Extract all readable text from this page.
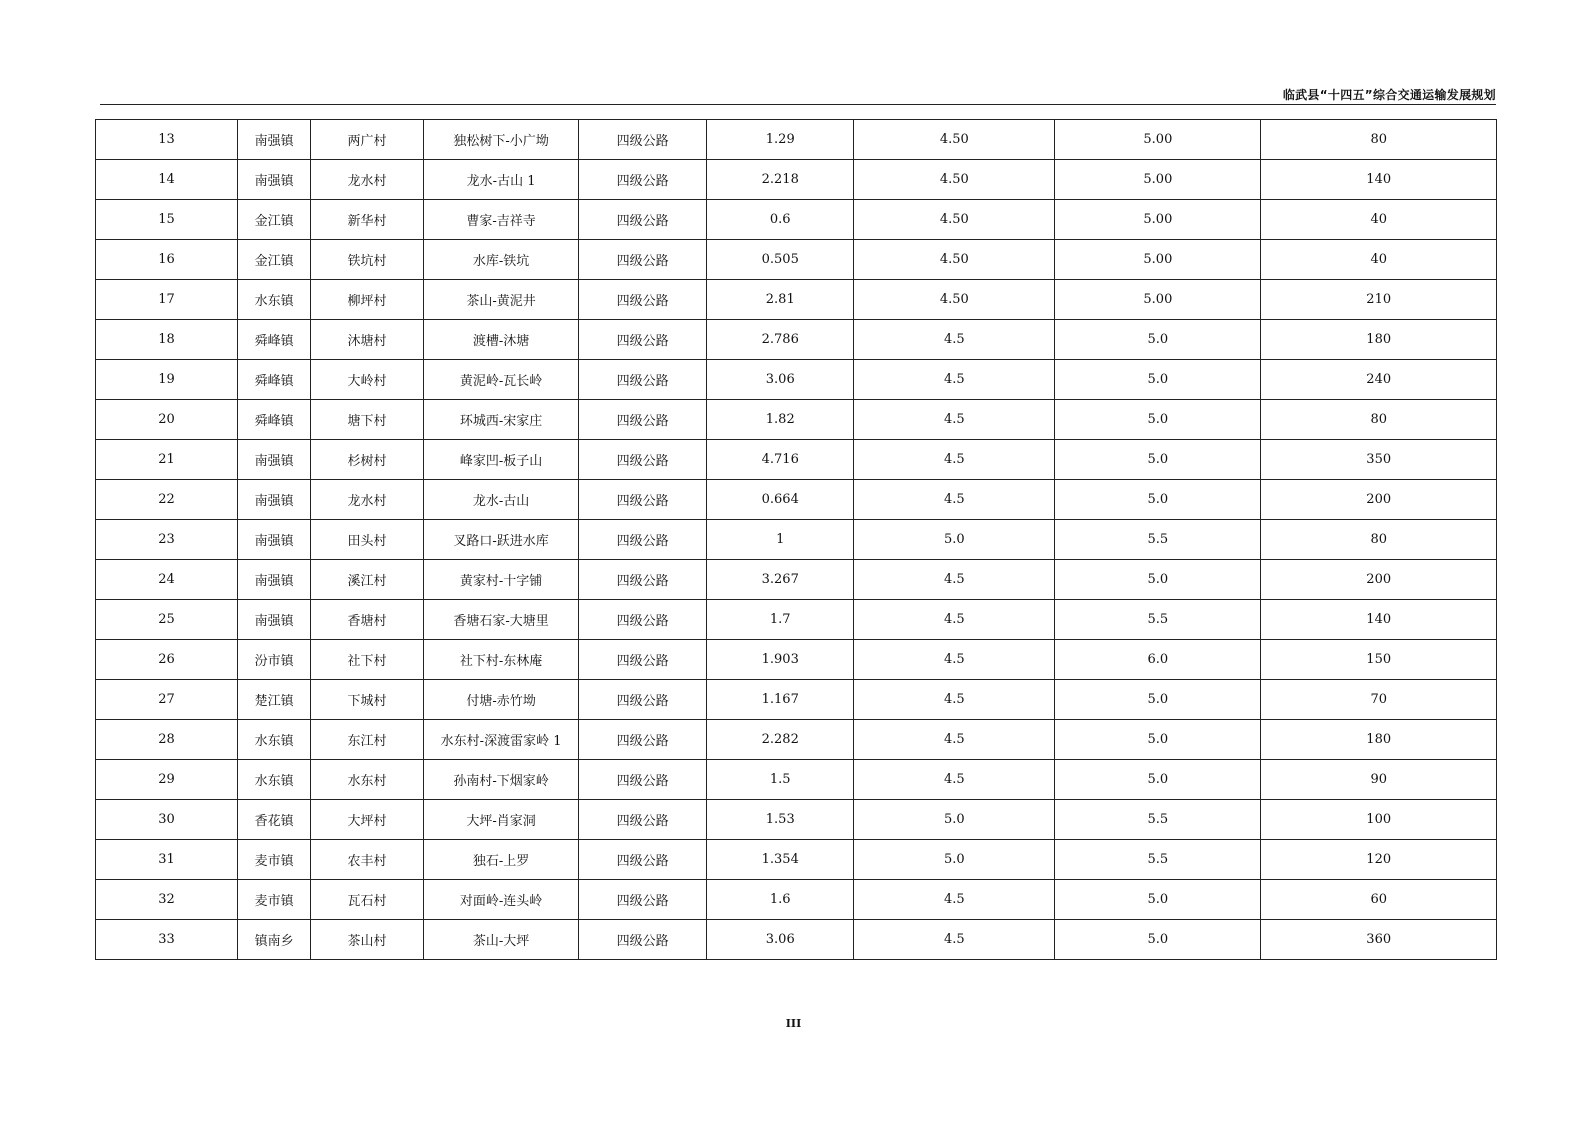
临武县“十四五”综合交通运输发展规划
13	南强镇	两广村	独松树下-小广坳	四级公路	1.29	4.50	5.00	80
14	南强镇	龙水村	龙水-古山 1	四级公路	2.218	4.50	5.00	140
15	金江镇	新华村	曹家-吉祥寺	四级公路	0.6	4.50	5.00	40
16	金江镇	铁坑村	水库-铁坑	四级公路	0.505	4.50	5.00	40
17	水东镇	柳坪村	茶山-黄泥井	四级公路	2.81	4.50	5.00	210
18	舜峰镇	沐塘村	渡槽-沐塘	四级公路	2.786	4.5	5.0	180
19	舜峰镇	大岭村	黄泥岭-瓦长岭	四级公路	3.06	4.5	5.0	240
20	舜峰镇	塘下村	环城西-宋家庄	四级公路	1.82	4.5	5.0	80
21	南强镇	杉树村	峰家凹-板子山	四级公路	4.716	4.5	5.0	350
22	南强镇	龙水村	龙水-古山	四级公路	0.664	4.5	5.0	200
23	南强镇	田头村	叉路口-跃进水库	四级公路	1	5.0	5.5	80
24	南强镇	溪江村	黄家村-十字铺	四级公路	3.267	4.5	5.0	200
25	南强镇	香塘村	香塘石家-大塘里	四级公路	1.7	4.5	5.5	140
26	汾市镇	社下村	社下村-东林庵	四级公路	1.903	4.5	6.0	150
27	楚江镇	下城村	付塘-赤竹坳	四级公路	1.167	4.5	5.0	70
28	水东镇	东江村	水东村-深渡雷家岭 1	四级公路	2.282	4.5	5.0	180
29	水东镇	水东村	孙南村-下烟家岭	四级公路	1.5	4.5	5.0	90
30	香花镇	大坪村	大坪-肖家洞	四级公路	1.53	5.0	5.5	100
31	麦市镇	农丰村	独石-上罗	四级公路	1.354	5.0	5.5	120
32	麦市镇	瓦石村	对面岭-连头岭	四级公路	1.6	4.5	5.0	60
33	镇南乡	茶山村	茶山-大坪	四级公路	3.06	4.5	5.0	360
III
